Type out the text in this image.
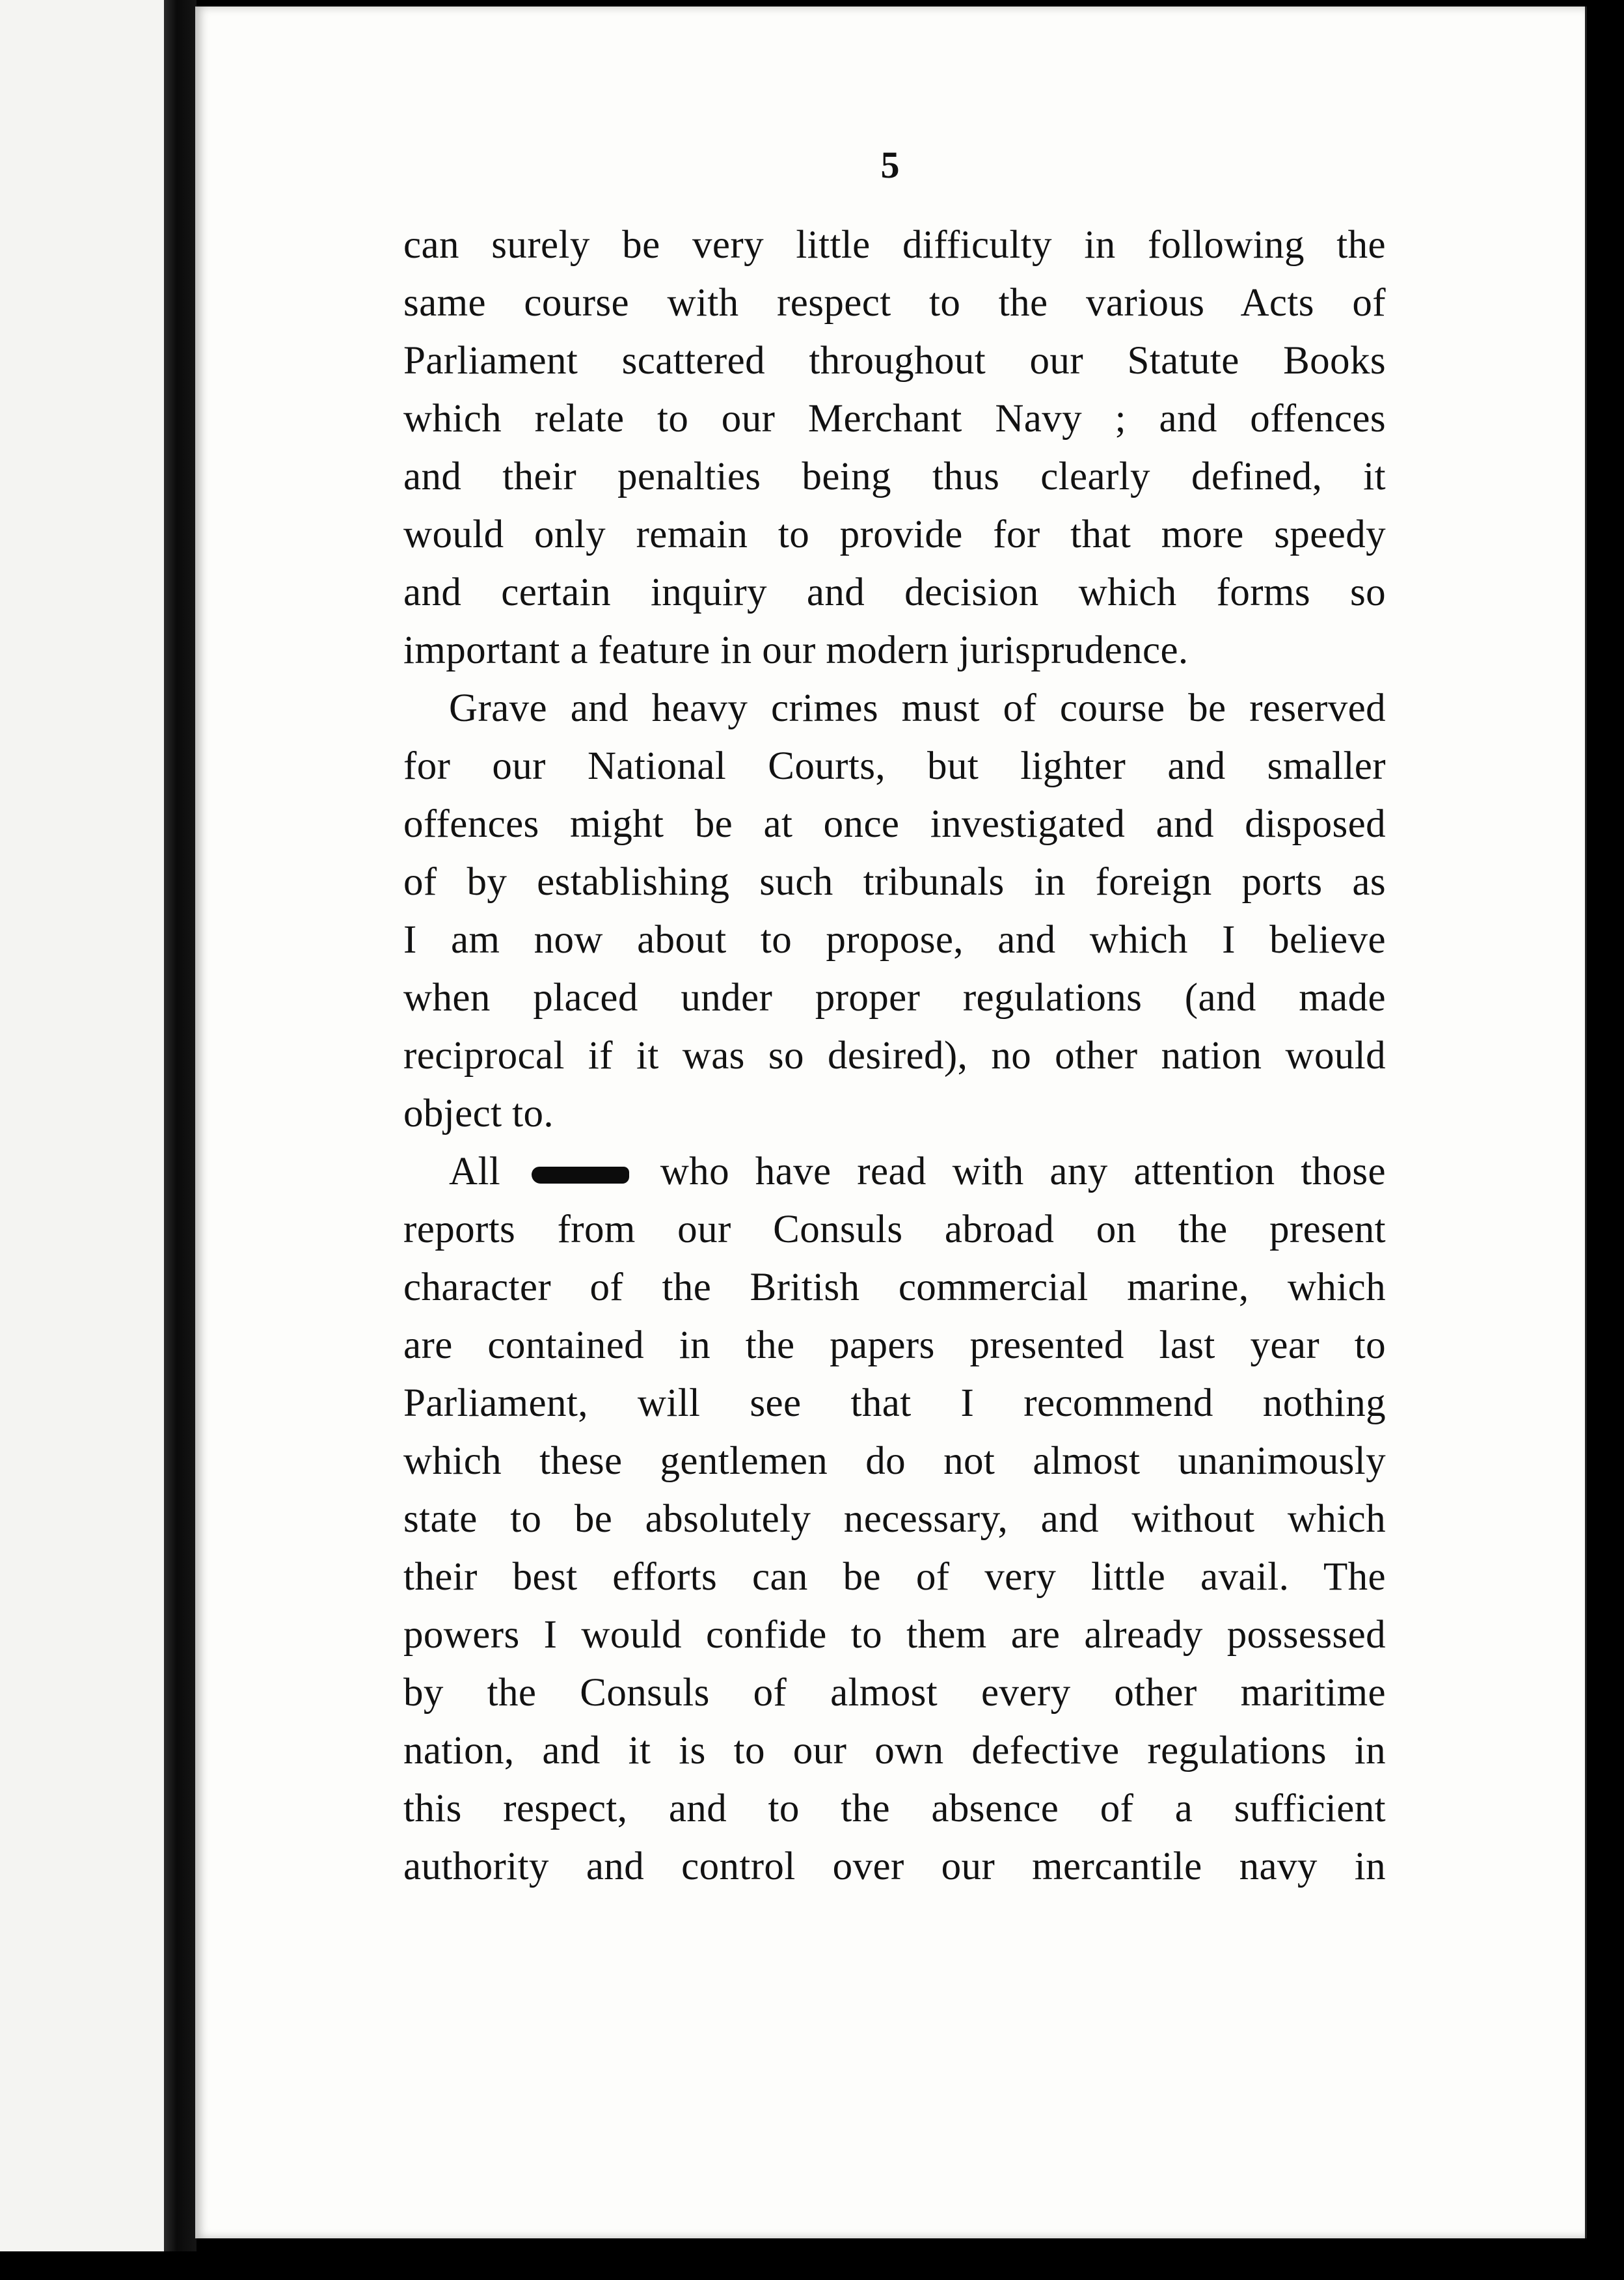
5
can surely be very little difficulty in following the
same course with respect to the various Acts of
Parliament scattered throughout our Statute Books
which relate to our Merchant Navy ; and offences
and their penalties being thus clearly defined, it
would only remain to provide for that more speedy
and certain inquiry and decision which forms so
important a feature in our modern jurisprudence.
Grave and heavy crimes must of course be reserved
for our National Courts, but lighter and smaller
offences might be at once investigated and disposed
of by establishing such tribunals in foreign ports as
I am now about to propose, and which I believe
when placed under proper regulations (and made
reciprocal if it was so desired), no other nation would
object to.
All	who have read with any attention those
reports from our Consuls abroad on the present
character of the British commercial marine, which
are contained in the papers presented last year to
Parliament, will see that I recommend nothing
which these gentlemen do not almost unanimously
state to be absolutely necessary, and without which
their best efforts can be of very little avail. The
powers I would confide to them are already possessed
by the Consuls of almost every other maritime
nation, and it is to our own defective regulations in
this respect, and to the absence of a sufficient
authority and control over our mercantile navy in
